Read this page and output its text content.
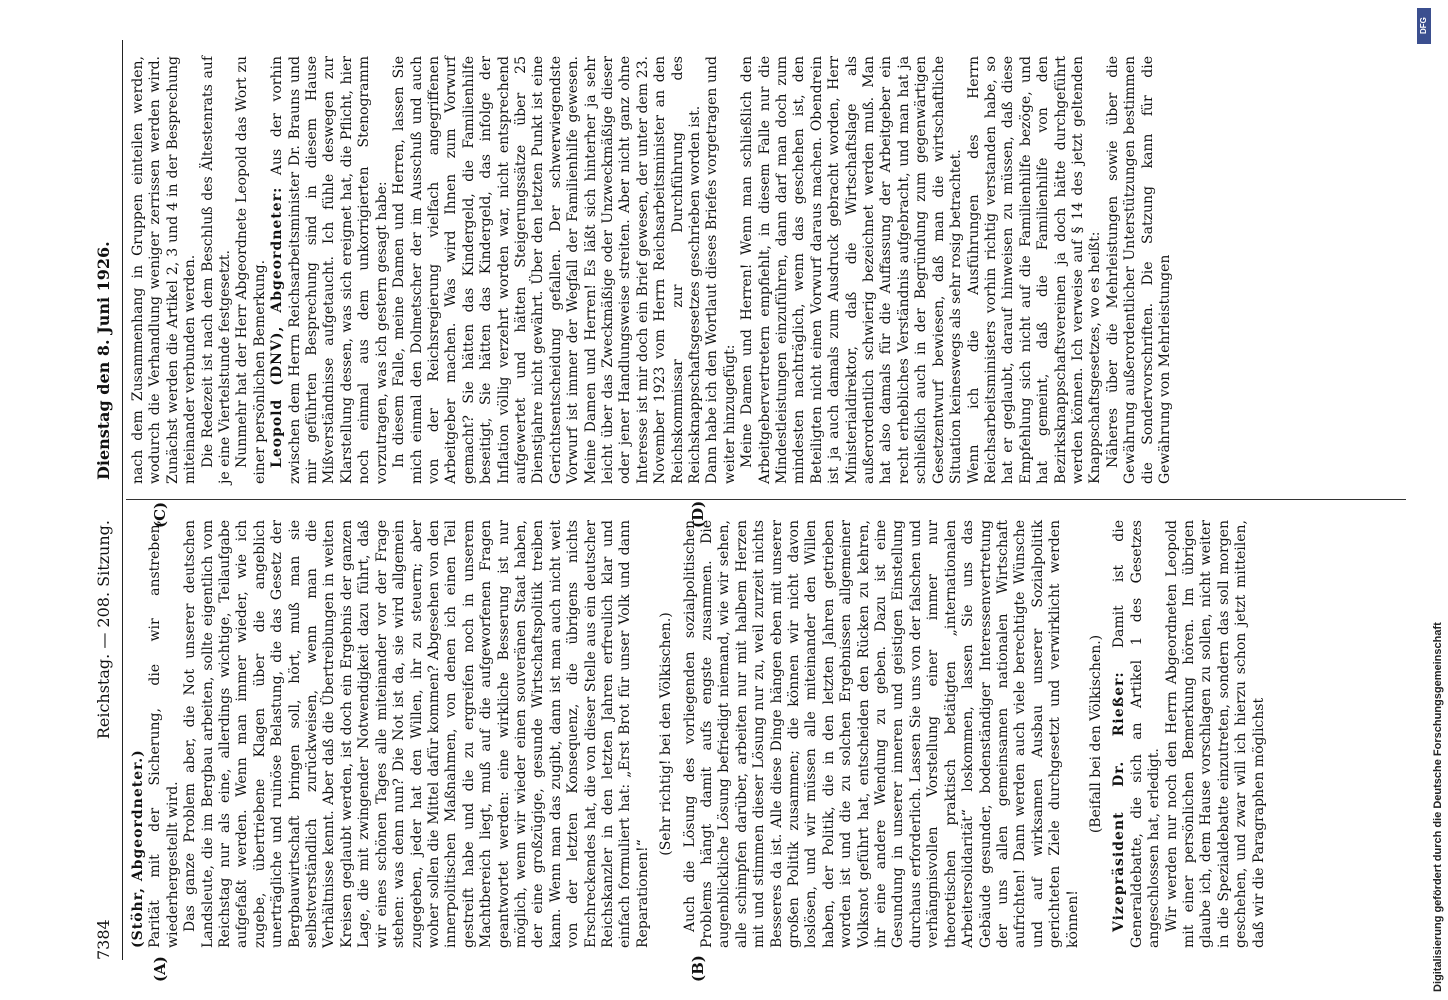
7384
Reichstag. — 208. Sitzung.
Dienstag den 8. Juni 1926.

(Stöhr, Abgeordneter.) Parität mit der Sicherung, die wir anstreben, wiederhergestellt wird. Das ganze Problem aber, die Not unserer deutschen Landsleute, die im Bergbau arbeiten, sollte eigentlich vom Reichstag nur als eine, allerdings wichtige, Teilaufgabe aufgefaßt werden. Wenn man immer wieder, wie ich zugebe, übertriebene Klagen über die angeblich unerträgliche und ruinöse Belastung, die das Gesetz der Bergbauwirtschaft bringen soll, hört, muß man sie selbstverständlich zurückweisen, wenn man die Verhältnisse kennt. Aber daß die Übertreibungen in weiten Kreisen geglaubt werden, ist doch ein Ergebnis der ganzen Lage, die mit zwingender Notwendigkeit dazu führt, daß wir eines schönen Tages alle miteinander vor der Frage stehen: was denn nun? Die Not ist da, sie wird allgemein zugegeben, jeder hat den Willen, ihr zu steuern; aber woher sollen die Mittel dafür kommen? Abgesehen von den innerpolitischen Maßnahmen, von denen ich einen Teil gestreift habe und die zu ergreifen noch in unserem Machtbereich liegt, muß auf die aufgeworfenen Fragen geantwortet werden: eine wirkliche Besserung ist nur möglich, wenn wir wieder einen souveränen Staat haben, der eine großzügige, gesunde Wirtschaftspolitik treiben kann. Wenn man das zugibt, dann ist man auch nicht weit von der letzten Konsequenz, die übrigens nichts Erschreckendes hat, die von dieser Stelle aus ein deutscher Reichskanzler in den letzten Jahren erfreulich klar und einfach formuliert hat: „Erst Brot für unser Volk und dann Reparationen!“

(Sehr richtig! bei den Völkischen.) Auch die Lösung des vorliegenden sozialpolitischen Problems hängt damit aufs engste zusammen. Die augenblickliche Lösung befriedigt niemand, wie wir sehen, alle schimpfen darüber, arbeiten nur mit halbem Herzen mit und stimmen dieser Lösung nur zu, weil zurzeit nichts Besseres da ist. Alle diese Dinge hängen eben mit unserer großen Politik zusammen; die können wir nicht davon loslösen, und wir müssen alle miteinander den Willen haben, der Politik, die in den letzten Jahren getrieben worden ist und die zu solchen Ergebnissen allgemeiner Volksnot geführt hat, entscheiden den Rücken zu kehren, ihr eine andere Wendung zu geben. Dazu ist eine Gesundung in unserer inneren und geistigen Einstellung durchaus erforderlich. Lassen Sie uns von der falschen und verhängnisvollen Vorstellung einer immer nur theoretischen praktisch betätigten „internationalen Arbeitersolidarität“ loskommen, lassen Sie uns das Gebäude gesunder, bodenständiger Interessenvertretung der uns allen gemeinsamen nationalen Wirtschaft aufrichten! Dann werden auch viele berechtigte Wünsche und auf wirksamen Ausbau unserer Sozialpolitik gerichteten Ziele durchgesetzt und verwirklicht werden können!

(Beifall bei den Völkischen.) Vizepräsident Dr. Rießer: Damit ist die Generaldebatte, die sich an Artikel 1 des Gesetzes angeschlossen hat, erledigt. Wir werden nur noch den Herrn Abgeordneten Leopold mit einer persönlichen Bemerkung hören. Im übrigen glaube ich, dem Hause vorschlagen zu sollen, nicht weiter in die Spezialdebatte einzutreten, sondern das soll morgen geschehen, und zwar will ich hierzu schon jetzt mitteilen, daß wir die Paragraphen möglichst

(A)	(B)

nach dem Zusammenhang in Gruppen einteilen werden, wodurch die Verhandlung weniger zerrissen werden wird. Zunächst werden die Artikel 2, 3 und 4 in der Besprechung miteinander verbunden werden. Die Redezeit ist nach dem Beschluß des Ältestenrats auf je eine Viertelstunde festgesetzt. Nunmehr hat der Herr Abgeordnete Leopold das Wort zu einer persönlichen Bemerkung. Leopold (DNV), Abgeordneter: Aus der vorhin zwischen dem Herrn Reichsarbeitsminister Dr. Brauns und mir geführten Besprechung sind in diesem Hause Mißverständnisse aufgetaucht. Ich fühle deswegen zur Klarstellung dessen, was sich ereignet hat, die Pflicht, hier noch einmal aus dem unkorrigierten Stenogramm vorzutragen, was ich gestern gesagt habe: In diesem Falle, meine Damen und Herren, lassen Sie mich einmal den Dolmetscher der im Ausschuß und auch von der Reichsregierung vielfach angegriffenen Arbeitgeber machen. Was wird Ihnen zum Vorwurf gemacht? Sie hätten das Kindergeld, die Familienhilfe beseitigt, Sie hätten das Kindergeld, das infolge der Inflation völlig verzehrt worden war, nicht entsprechend aufgewertet und hätten Steigerungssätze über 25 Dienstjahre nicht gewährt. Über den letzten Punkt ist eine Gerichtsentscheidung gefallen. Der schwerwiegendste Vorwurf ist immer der Wegfall der Familienhilfe gewesen. Meine Damen und Herren! Es läßt sich hinterher ja sehr leicht über das Zweckmäßige oder Unzweckmäßige dieser oder jener Handlungsweise streiten. Aber nicht ganz ohne Interesse ist mir doch ein Brief gewesen, der unter dem 23. November 1923 vom Herrn Reichsarbeitsminister an den Reichskommissar zur Durchführung des Reichsknappschaftsgesetzes geschrieben worden ist. Dann habe ich den Wortlaut dieses Briefes vorgetragen und weiter hinzugefügt: Meine Damen und Herren! Wenn man schließlich den Arbeitgebervertretern empfiehlt, in diesem Falle nur die Mindestleistungen einzuführen, dann darf man doch zum mindesten nachträglich, wenn das geschehen ist, den Beteiligten nicht einen Vorwurf daraus machen. Obendrein ist ja auch damals zum Ausdruck gebracht worden, Herr Ministerialdirektor, daß die Wirtschaftslage als außerordentlich schwierig bezeichnet werden muß. Man hat also damals für die Auffassung der Arbeitgeber ein recht erhebliches Verständnis aufgebracht, und man hat ja schließlich auch in der Begründung zum gegenwärtigen Gesetzentwurf bewiesen, daß man die wirtschaftliche Situation keineswegs als sehr rosig betrachtet. Wenn ich die Ausführungen des Herrn Reichsarbeitsministers vorhin richtig verstanden habe, so hat er geglaubt, darauf hinweisen zu müssen, daß diese Empfehlung sich nicht auf die Familienhilfe bezöge, und hat gemeint, daß die Familienhilfe von den Bezirksknappschaftsvereinen ja doch hätte durchgeführt werden können. Ich verweise auf § 14 des jetzt geltenden Knappschaftsgesetzes, wo es heißt: Näheres über die Mehrleistungen sowie über die Gewährung außerordentlicher Unterstützungen bestimmen die Sondervorschriften. Die Satzung kann für die Gewährung von Mehrleistungen

(C)	(D)
DFG
Digitalisierung gefördert durch die Deutsche Forschungsgemeinschaft
